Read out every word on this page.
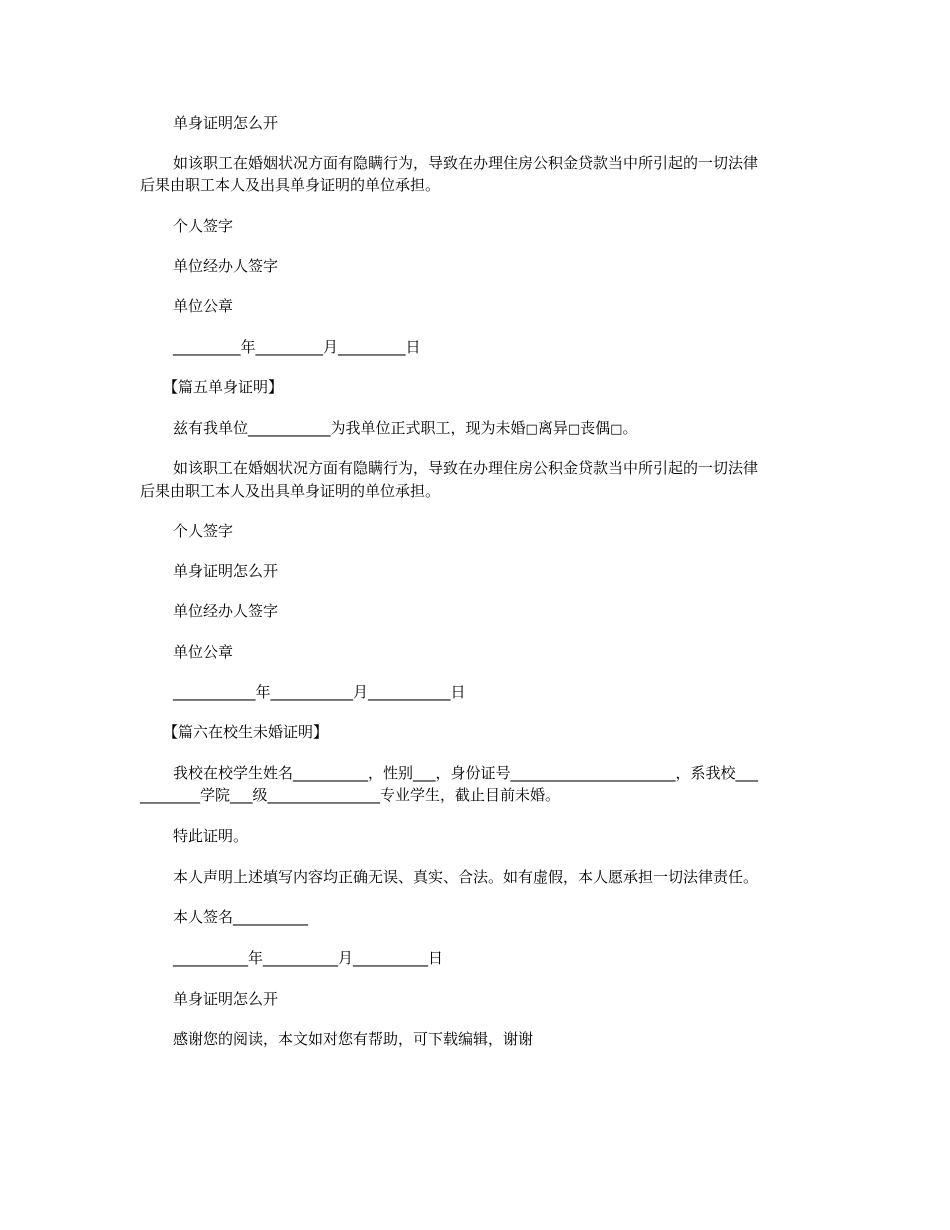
单身证明怎么开
如该职工在婚姻状况方面有隐瞒行为，导致在办理住房公积金贷款当中所引起的一切法律
后果由职工本人及出具单身证明的单位承担。
个人签字
单位经办人签字
单位公章
_________年_________月_________日
【篇五单身证明】
兹有我单位___________为我单位正式职工，现为未婚□离异□丧偶□。
如该职工在婚姻状况方面有隐瞒行为，导致在办理住房公积金贷款当中所引起的一切法律
后果由职工本人及出具单身证明的单位承担。
个人签字
单身证明怎么开
单位经办人签字
单位公章
___________年___________月___________日
【篇六在校生未婚证明】
我校在校学生姓名__________，性别___，身份证号______________________，系我校___
________学院___级_______________专业学生，截止目前未婚。
特此证明。
本人声明上述填写内容均正确无误、真实、合法。如有虚假，本人愿承担一切法律责任。
本人签名__________
__________年__________月__________日
单身证明怎么开
感谢您的阅读，本文如对您有帮助，可下载编辑，谢谢
